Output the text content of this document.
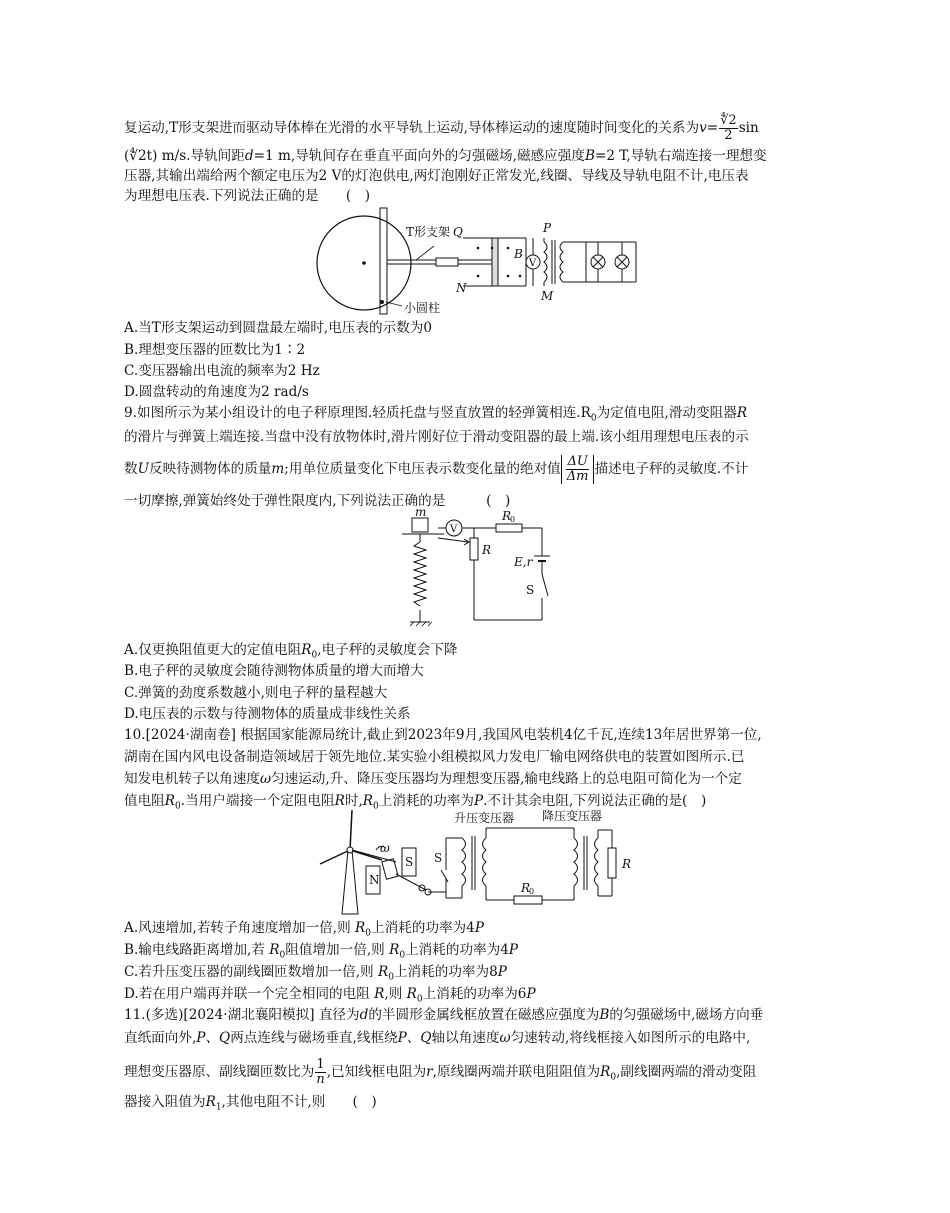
复运动,T形支架进而驱动导体棒在光滑的水平导轨上运动,导体棒运动的速度随时间变化的关系为$v= \frac{∜2}{2}$ sin
(∜2t) m/s.导轨间距d=1 m,导轨间存在垂直平面向外的匀强磁场,磁感应强度B=2 T,导轨右端连接一理想变
压器,其输出端给两个额定电压为2 V的灯泡供电,两灯泡刚好正常发光,线圈、导线及导轨电阻不计,电压表
为理想电压表.下列说法正确的是　　(　)
V
T形支架 Q
N
P
M
B
小圆柱
A.当T形支架运动到圆盘最左端时,电压表的示数为0
B.理想变压器的匝数比为1∶2
C.变压器输出电流的频率为2 Hz
D.圆盘转动的角速度为2 rad/s
9.如图所示为某小组设计的电子秤原理图.轻质托盘与竖直放置的轻弹簧相连$.R_0$为定值电阻,滑动变阻器R
的滑片与弹簧上端连接.当盘中没有放物体时,滑片刚好位于滑动变阻器的最上端.该小组用理想电压表的示
数U反映待测物体的质量m;用单位质量变化下电压表示数变化量的绝对值 $\frac{\Delta U}{\Delta m}$ 描述电子秤的灵敏度.不计
一切摩擦,弹簧始终处于弹性限度内,下列说法正确的是　　　(　)
m
V
R
0
E,r
S
R
A.仅更换阻值更大的定值电阻$R_0$,电子秤的灵敏度会下降
B.电子秤的灵敏度会随待测物体质量的增大而增大
C.弹簧的劲度系数越小,则电子秤的量程越大
D.电压表的示数与待测物体的质量成非线性关系
10.[2024·湖南卷] 根据国家能源局统计,截止到2023年9月,我国风电装机4亿千瓦,连续13年居世界第一位,
湖南在国内风电设备制造领域居于领先地位.某实验小组模拟风力发电厂输电网络供电的装置如图所示.已
知发电机转子以角速度ω匀速运动,升、降压变压器均为理想变压器,输电线路上的总电阻可简化为一个定
值电阻$R_0$.当用户端接一个定阻电阻R时$,R_0$上消耗的功率为P.不计其余电阻,下列说法正确的是(　)
ω
N
S S
升压变压器
R
0
降压变压器
R
A.风速增加,若转子角速度增加一倍,则 $R_0$上消耗的功率为4P
B.输电线路距离增加,若 $R_0$阻值增加一倍,则 $R_0$上消耗的功率为4P
C.若升压变压器的副线圈匝数增加一倍,则 $R_0$上消耗的功率为8P
D.若在用户端再并联一个完全相同的电阻 R,则 $R_0$上消耗的功率为6P
11.(多选)[2024·湖北襄阳模拟] 直径为d的半圆形金属线框放置在磁感应强度为B的匀强磁场中,磁场方向垂
直纸面向外,P、Q两点连线与磁场垂直,线框绕P、Q轴以角速度ω匀速转动,将线框接入如图所示的电路中,
理想变压器原、副线圈匝数比为 $\frac{1}{n}$ ,已知线框电阻为r,原线圈两端并联电阻阻值为$R_0$,副线圈两端的滑动变阻
器接入阻值为$R_1$,其他电阻不计,则　　(　)
